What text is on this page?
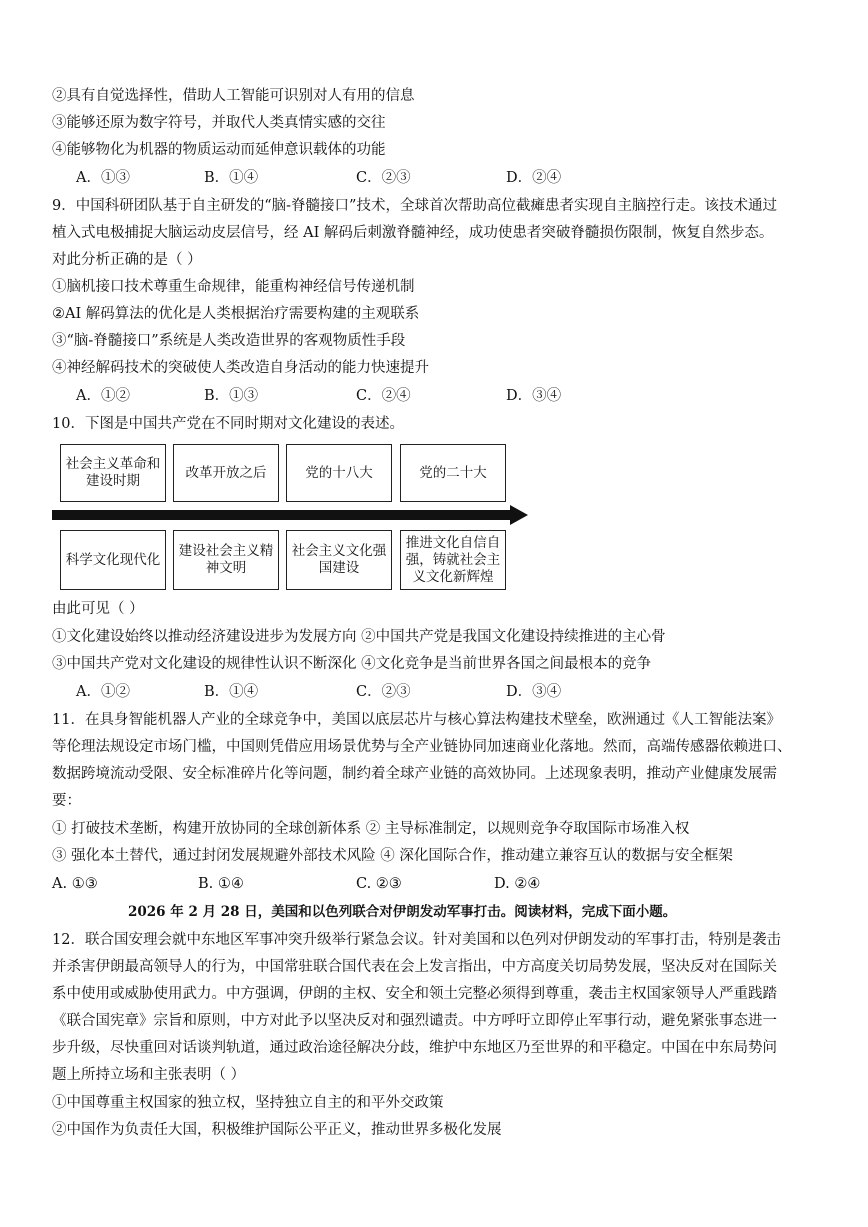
②具有自觉选择性，借助人工智能可识别对人有用的信息
③能够还原为数字符号，并取代人类真情实感的交往
④能够物化为机器的物质运动而延伸意识载体的功能
A．①③	B．①④	C．②③	D．②④
9．中国科研团队基于自主研发的“脑-脊髓接口”技术，全球首次帮助高位截瘫患者实现自主脑控行走。该技术通过
植入式电极捕捉大脑运动皮层信号，经 AI 解码后刺激脊髓神经，成功使患者突破脊髓损伤限制，恢复自然步态。
对此分析正确的是（ ）
①脑机接口技术尊重生命规律，能重构神经信号传递机制
②AI 解码算法的优化是人类根据治疗需要构建的主观联系
③“脑-脊髓接口”系统是人类改造世界的客观物质性手段
④神经解码技术的突破使人类改造自身活动的能力快速提升
A．①②	B．①③	C．②④	D．③④
10．下图是中国共产党在不同时期对文化建设的表述。
社会主义革命和建设时期
改革开放之后	党的十八大	党的二十大
科学文化现代化
建设社会主义精神文明
社会主义文化强国建设
推进文化自信自强，铸就社会主义文化新辉煌
由此可见（ ）
①文化建设始终以推动经济建设进步为发展方向 ②中国共产党是我国文化建设持续推进的主心骨
③中国共产党对文化建设的规律性认识不断深化 ④文化竞争是当前世界各国之间最根本的竞争
A．①②	B．①④	C．②③	D．③④
11．在具身智能机器人产业的全球竞争中，美国以底层芯片与核心算法构建技术壁垒，欧洲通过《人工智能法案》
等伦理法规设定市场门槛，中国则凭借应用场景优势与全产业链协同加速商业化落地。然而，高端传感器依赖进口、
数据跨境流动受限、安全标准碎片化等问题，制约着全球产业链的高效协同。上述现象表明，推动产业健康发展需
要：
① 打破技术垄断，构建开放协同的全球创新体系 ② 主导标准制定，以规则竞争夺取国际市场准入权
③ 强化本土替代，通过封闭发展规避外部技术风险 ④ 深化国际合作，推动建立兼容互认的数据与安全框架
A. ①③	B. ①④	C. ②③	D. ②④
2026 年 2 月 28 日，美国和以色列联合对伊朗发动军事打击。阅读材料，完成下面小题。
12．联合国安理会就中东地区军事冲突升级举行紧急会议。针对美国和以色列对伊朗发动的军事打击，特别是袭击
并杀害伊朗最高领导人的行为，中国常驻联合国代表在会上发言指出，中方高度关切局势发展，坚决反对在国际关
系中使用或威胁使用武力。中方强调，伊朗的主权、安全和领土完整必须得到尊重，袭击主权国家领导人严重践踏
《联合国宪章》宗旨和原则，中方对此予以坚决反对和强烈谴责。中方呼吁立即停止军事行动，避免紧张事态进一
步升级，尽快重回对话谈判轨道，通过政治途径解决分歧，维护中东地区乃至世界的和平稳定。中国在中东局势问
题上所持立场和主张表明（ ）
①中国尊重主权国家的独立权，坚持独立自主的和平外交政策
②中国作为负责任大国，积极维护国际公平正义，推动世界多极化发展
